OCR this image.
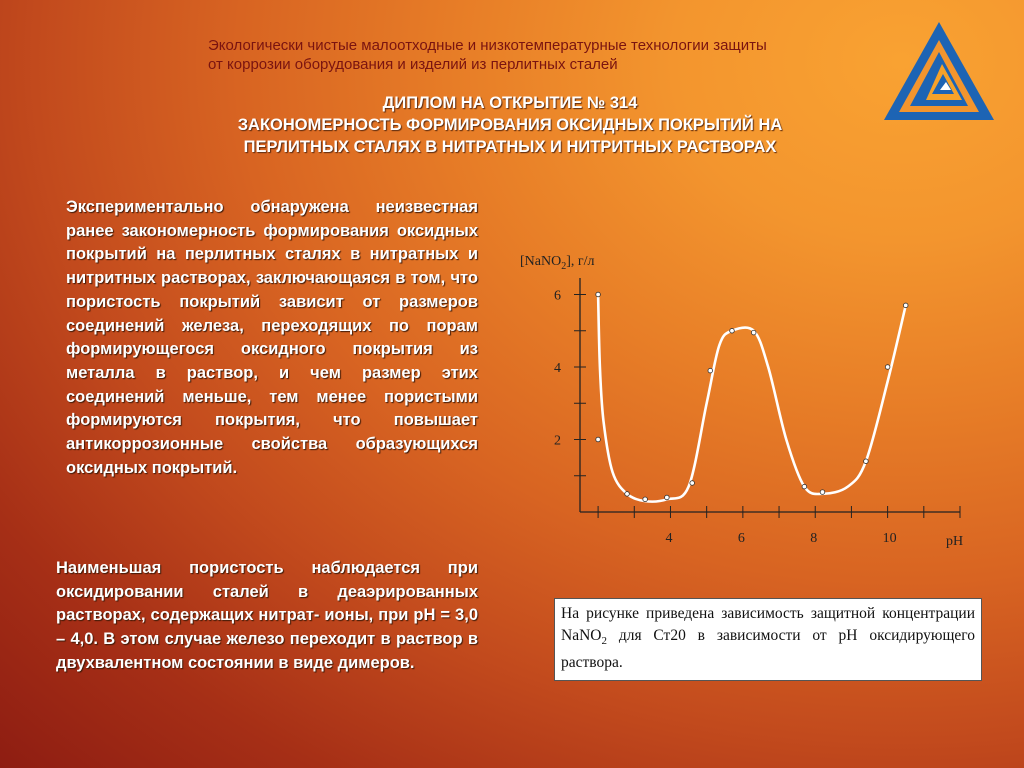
Экологически чистые малоотходные и низкотемпературные технологии защиты
от коррозии оборудования и изделий из перлитных сталей
ДИПЛОМ НА ОТКРЫТИЕ № 314
ЗАКОНОМЕРНОСТЬ ФОРМИРОВАНИЯ ОКСИДНЫХ ПОКРЫТИЙ НА
ПЕРЛИТНЫХ СТАЛЯХ В НИТРАТНЫХ И НИТРИТНЫХ РАСТВОРАХ
Экспериментально обнаружена неизвестная ранее закономерность формирования оксидных покрытий на перлитных сталях в нитратных и нитритных растворах, заключающаяся в том, что пористость покрытий зависит от размеров соединений железа, переходящих по порам формирующегося оксидного покрытия из металла в раствор, и чем размер этих соединений меньше, тем менее пористыми формируются покрытия, что повышает антикоррозионные свойства образующихся оксидных покрытий.
Наименьшая пористость наблюдается при оксидировании сталей в деаэрированных растворах, содержащих нитрат- ионы, при рН = 3,0 – 4,0. В этом случае железо переходит в раствор в двухвалентном состоянии в виде димеров.
2
4
6
4	6	8	10
[NaNO$_2$], г/л
pH
На рисунке приведена зависимость защитной концентрации NaNO$_2$ для Ст20 в зависимости от рН оксидирующего раствора.
